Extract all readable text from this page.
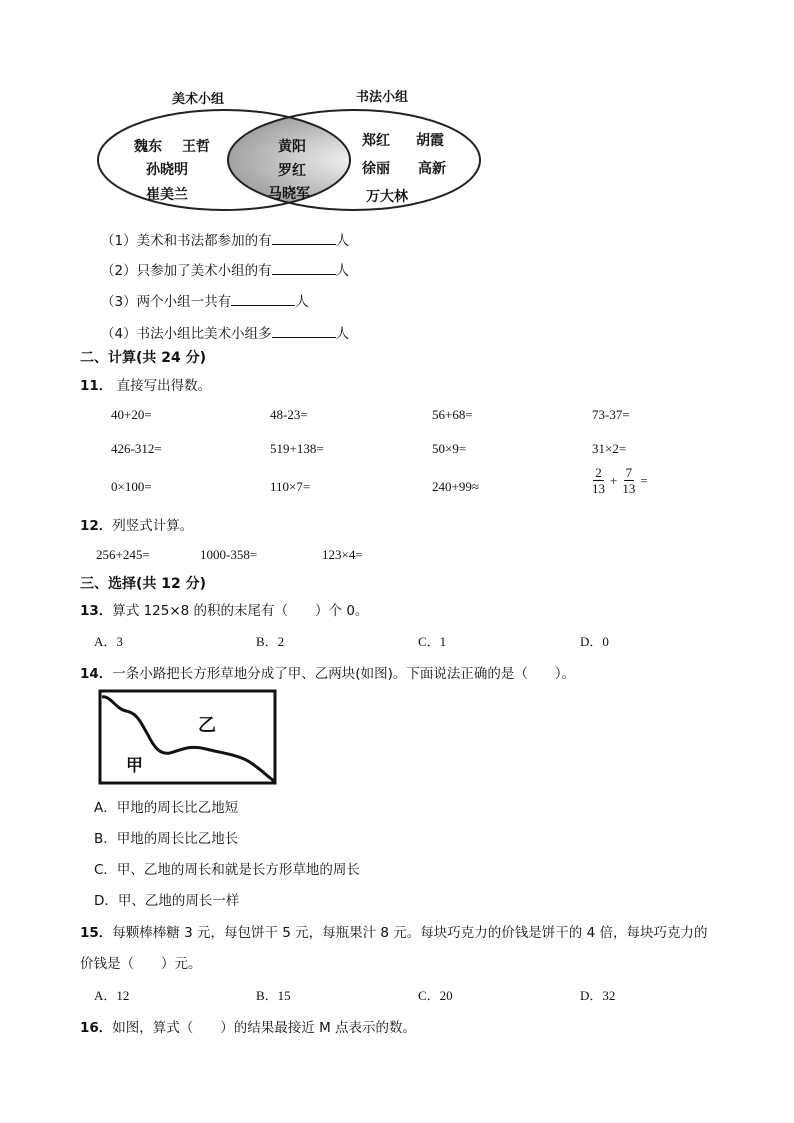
美术小组	书法小组
魏东 王哲
孙晓明
崔美兰
黄阳
罗红
马晓军
郑红 胡霞
徐丽 高新
万大林
（1）美术和书法都参加的有	人
（2）只参加了美术小组的有	人
（3）两个小组一共有	人
（4）书法小组比美术小组多	人
二、计算(共 24 分)
11． 直接写出得数。
40+20=	48-23=	56+68=	73-37=
426-312=	519+138=	50×9=	31×2=
0×100=	110×7=	240+99≈	$\frac{2}{13} + \frac{7}{13}$ =
12．列竖式计算。
256+245=	1000-358=	123×4=
三、选择(共 12 分)
13．算式 125×8 的积的末尾有（　　）个 0。
A．3	B．2	C．1	D．0
14．一条小路把长方形草地分成了甲、乙两块(如图)。下面说法正确的是（　　）。
乙
甲
A．甲地的周长比乙地短
B．甲地的周长比乙地长
C．甲、乙地的周长和就是长方形草地的周长
D．甲、乙地的周长一样
15．每颗棒棒糖 3 元，每包饼干 5 元，每瓶果汁 8 元。每块巧克力的价钱是饼干的 4 倍，每块巧克力的
价钱是（　　）元。
A．12	B．15	C．20	D．32
16．如图，算式（　　）的结果最接近 M 点表示的数。
